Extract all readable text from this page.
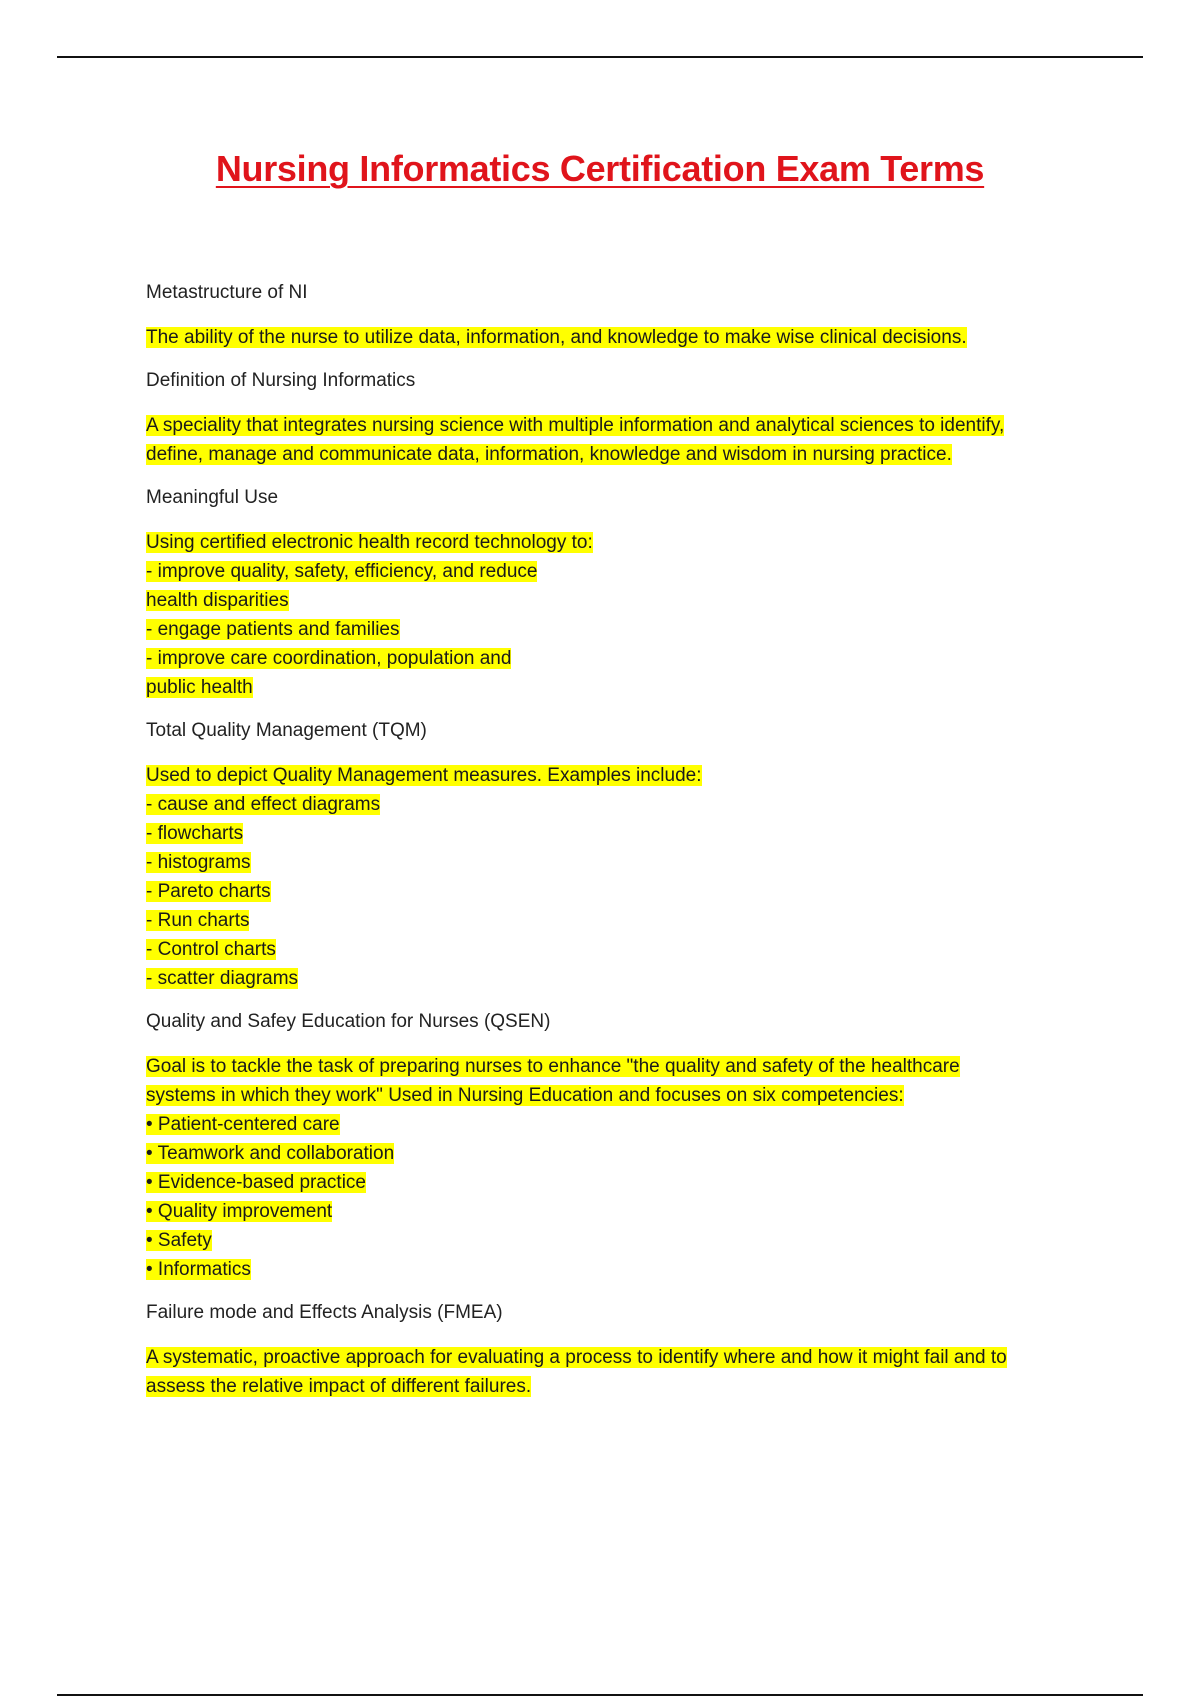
Nursing Informatics Certification Exam Terms

Metastructure of NI

The ability of the nurse to utilize data, information, and knowledge to make wise clinical decisions.

Definition of Nursing Informatics

A speciality that integrates nursing science with multiple information and analytical sciences to identify,
define, manage and communicate data, information, knowledge and wisdom in nursing practice.

Meaningful Use

Using certified electronic health record technology to:
- improve quality, safety, efficiency, and reduce
health disparities
- engage patients and families
- improve care coordination, population and
public health

Total Quality Management (TQM)

Used to depict Quality Management measures. Examples include:
- cause and effect diagrams
- flowcharts
- histograms
- Pareto charts
- Run charts
- Control charts
- scatter diagrams

Quality and Safey Education for Nurses (QSEN)

Goal is to tackle the task of preparing nurses to enhance "the quality and safety of the healthcare
systems in which they work" Used in Nursing Education and focuses on six competencies:
• Patient-centered care
• Teamwork and collaboration
• Evidence-based practice
• Quality improvement
• Safety
• Informatics

Failure mode and Effects Analysis (FMEA)

A systematic, proactive approach for evaluating a process to identify where and how it might fail and to
assess the relative impact of different failures.
